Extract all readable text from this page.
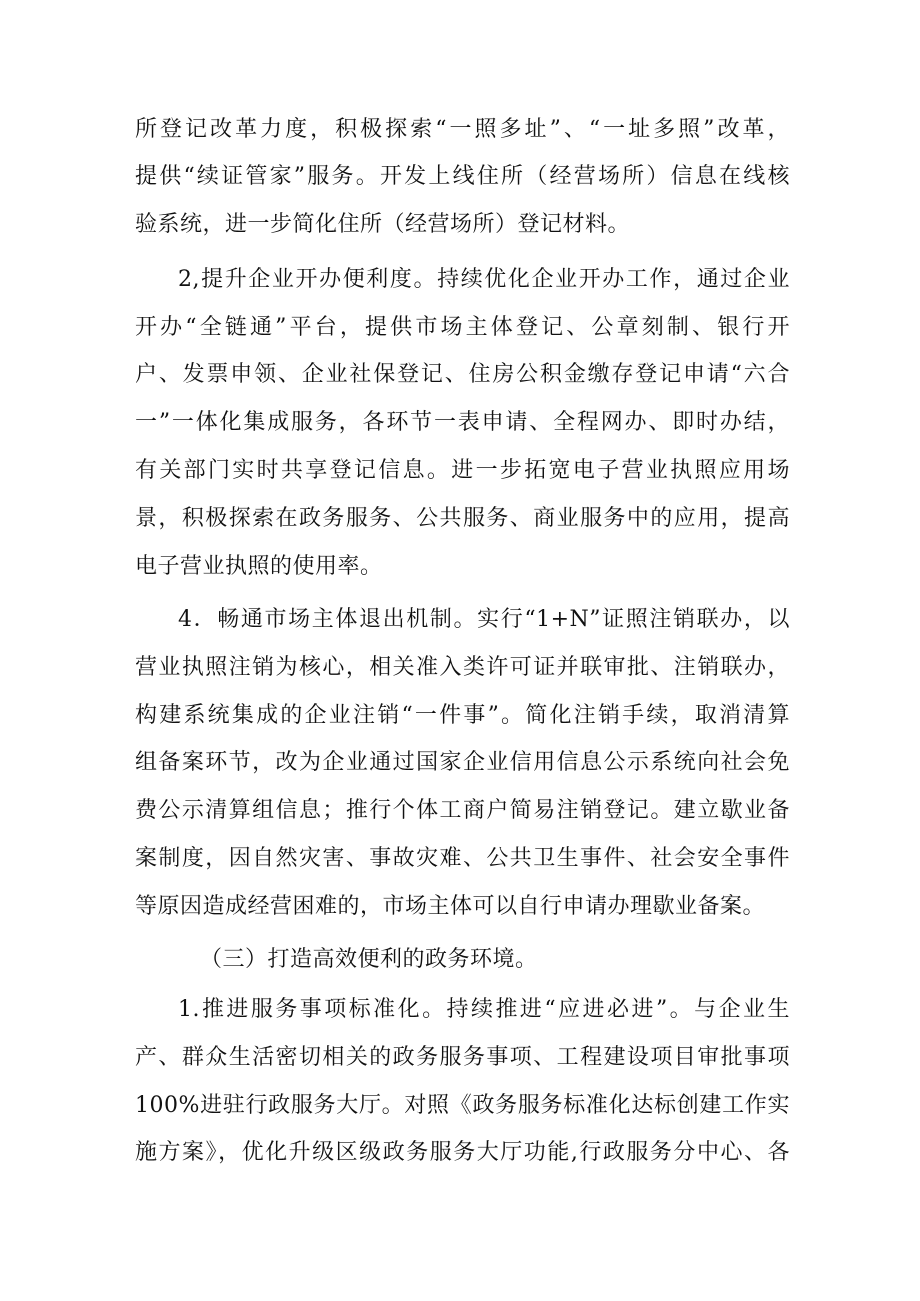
所登记改革力度，积极探索“一照多址”、“一址多照”改革，
提供“续证管家”服务。开发上线住所（经营场所）信息在线核
验系统，进一步简化住所（经营场所）登记材料。
2,提升企业开办便利度。持续优化企业开办工作，通过企业
开办“全链通”平台，提供市场主体登记、公章刻制、银行开
户、发票申领、企业社保登记、住房公积金缴存登记申请“六合
一”一体化集成服务，各环节一表申请、全程网办、即时办结，
有关部门实时共享登记信息。进一步拓宽电子营业执照应用场
景，积极探索在政务服务、公共服务、商业服务中的应用，提高
电子营业执照的使用率。
4．畅通市场主体退出机制。实行“1+N”证照注销联办，以
营业执照注销为核心，相关准入类许可证并联审批、注销联办，
构建系统集成的企业注销“一件事”。简化注销手续，取消清算
组备案环节，改为企业通过国家企业信用信息公示系统向社会免
费公示清算组信息；推行个体工商户简易注销登记。建立歇业备
案制度，因自然灾害、事故灾难、公共卫生事件、社会安全事件
等原因造成经营困难的，市场主体可以自行申请办理歇业备案。
（三）打造高效便利的政务环境。
1.推进服务事项标准化。持续推进“应进必进”。与企业生
产、群众生活密切相关的政务服务事项、工程建设项目审批事项
100%进驻行政服务大厅。对照《政务服务标准化达标创建工作实
施方案》，优化升级区级政务服务大厅功能,行政服务分中心、各
